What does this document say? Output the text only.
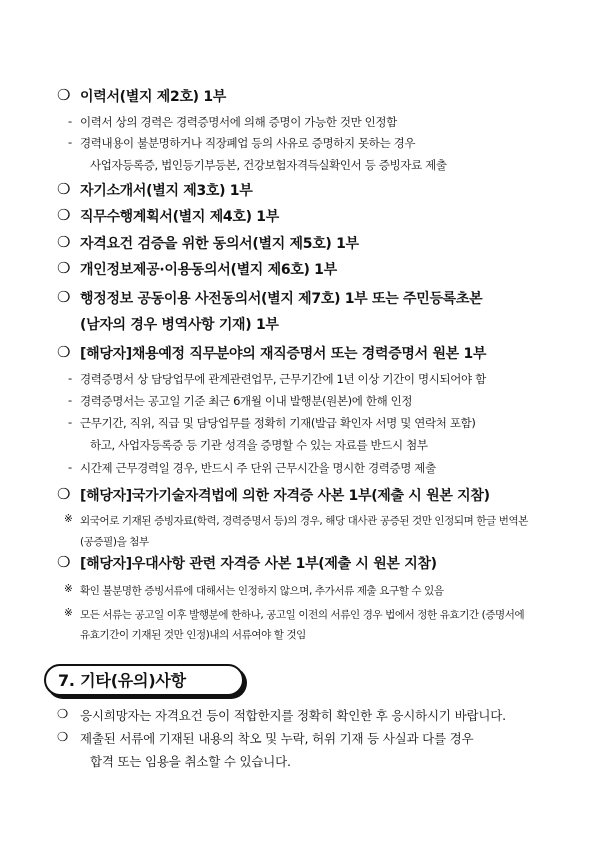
❍ 이력서(별지 제2호) 1부
- 이력서 상의 경력은 경력증명서에 의해 증명이 가능한 것만 인정함
- 경력내용이 불분명하거나 직장폐업 등의 사유로 증명하지 못하는 경우
사업자등록증, 법인등기부등본, 건강보험자격득실확인서 등 증빙자료 제출
❍ 자기소개서(별지 제3호) 1부
❍ 직무수행계획서(별지 제4호) 1부
❍ 자격요건 검증을 위한 동의서(별지 제5호) 1부
❍ 개인정보제공·이용동의서(별지 제6호) 1부
❍ 행정정보 공동이용 사전동의서(별지 제7호) 1부 또는 주민등록초본
(남자의 경우 병역사항 기재) 1부
❍ [해당자]채용예정 직무분야의 재직증명서 또는 경력증명서 원본 1부
- 경력증명서 상 담당업무에 관계관련업무, 근무기간에 1년 이상 기간이 명시되어야 함
- 경력증명서는 공고일 기준 최근 6개월 이내 발행분(원본)에 한해 인정
- 근무기간, 직위, 직급 및 담당업무를 정확히 기재(발급 확인자 서명 및 연락처 포함)
하고, 사업자등록증 등 기관 성격을 증명할 수 있는 자료를 반드시 첨부
- 시간제 근무경력일 경우, 반드시 주 단위 근무시간을 명시한 경력증명 제출
❍ [해당자]국가기술자격법에 의한 자격증 사본 1부(제출 시 원본 지참)
※ 외국어로 기재된 증빙자료(학력, 경력증명서 등)의 경우, 해당 대사관 공증된 것만 인정되며 한글 번역본
(공증필)을 첨부
❍ [해당자]우대사항 관련 자격증 사본 1부(제출 시 원본 지참)
※ 확인 불분명한 증빙서류에 대해서는 인정하지 않으며, 추가서류 제출 요구할 수 있음
※ 모든 서류는 공고일 이후 발행분에 한하나, 공고일 이전의 서류인 경우 법에서 정한 유효기간 (증명서에
유효기간이 기재된 것만 인정)내의 서류여야 할 것임
7. 기타(유의)사항
❍ 응시희망자는 자격요건 등이 적합한지를 정확히 확인한 후 응시하시기 바랍니다.
❍ 제출된 서류에 기재된 내용의 착오 및 누락, 허위 기재 등 사실과 다를 경우
합격 또는 임용을 취소할 수 있습니다.
